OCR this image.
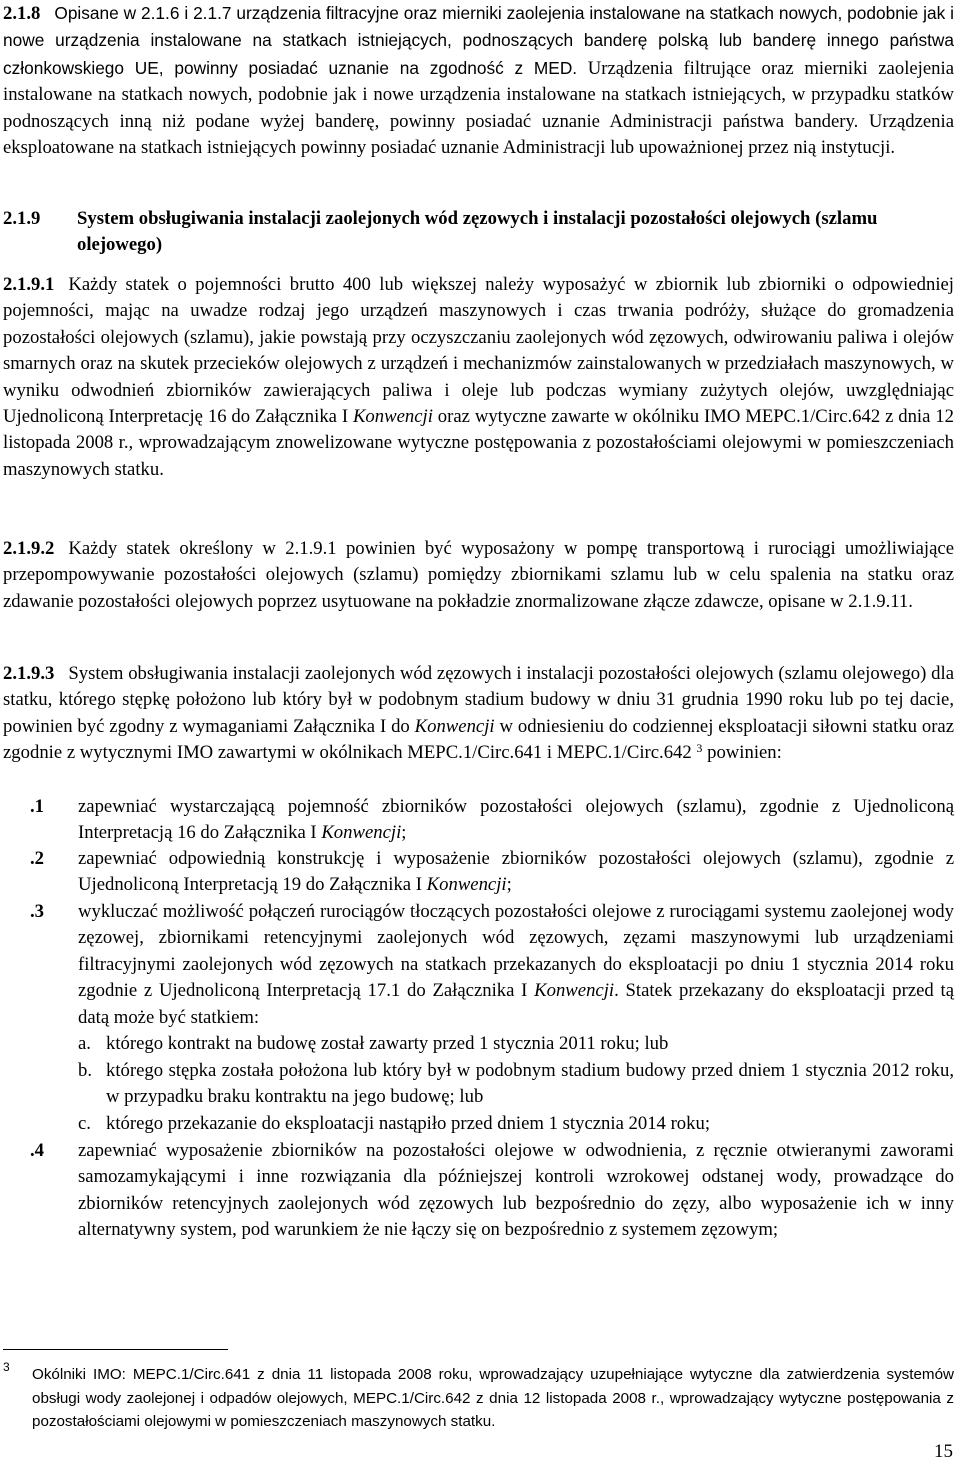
2.1.8 Opisane w 2.1.6 i 2.1.7 urządzenia filtracyjne oraz mierniki zaolejenia instalowane na statkach nowych, podobnie jak i nowe urządzenia instalowane na statkach istniejących, podnoszących banderę polską lub banderę innego państwa członkowskiego UE, powinny posiadać uznanie na zgodność z MED. Urządzenia filtrujące oraz mierniki zaolejenia instalowane na statkach nowych, podobnie jak i nowe urządzenia instalowane na statkach istniejących, w przypadku statków podnoszących inną niż podane wyżej banderę, powinny posiadać uznanie Administracji państwa bandery. Urządzenia eksploatowane na statkach istniejących powinny posiadać uznanie Administracji lub upoważnionej przez nią instytucji.
2.1.9 System obsługiwania instalacji zaolejonych wód zęzowych i instalacji pozostałości olejowych (szlamu olejowego)
2.1.9.1 Każdy statek o pojemności brutto 400 lub większej należy wyposażyć w zbiornik lub zbiorniki o odpowiedniej pojemności, mając na uwadze rodzaj jego urządzeń maszynowych i czas trwania podróży, służące do gromadzenia pozostałości olejowych (szlamu), jakie powstają przy oczyszczaniu zaolejonych wód zęzowych, odwirowaniu paliwa i olejów smarnych oraz na skutek przecieków olejowych z urządzeń i mechanizmów zainstalowanych w przedziałach maszynowych, w wyniku odwodnień zbiorników zawierających paliwa i oleje lub podczas wymiany zużytych olejów, uwzględniając Ujednoliconą Interpretację 16 do Załącznika I Konwencji oraz wytyczne zawarte w okólniku IMO MEPC.1/Circ.642 z dnia 12 listopada 2008 r., wprowadzającym znowelizowane wytyczne postępowania z pozostałościami olejowymi w pomieszczeniach maszynowych statku.
2.1.9.2 Każdy statek określony w 2.1.9.1 powinien być wyposażony w pompę transportową i rurociągi umożliwiające przepompowywanie pozostałości olejowych (szlamu) pomiędzy zbiornikami szlamu lub w celu spalenia na statku oraz zdawanie pozostałości olejowych poprzez usytuowane na pokładzie znormalizowane złącze zdawcze, opisane w 2.1.9.11.
2.1.9.3 System obsługiwania instalacji zaolejonych wód zęzowych i instalacji pozostałości olejowych (szlamu olejowego) dla statku, którego stępkę położono lub który był w podobnym stadium budowy w dniu 31 grudnia 1990 roku lub po tej dacie, powinien być zgodny z wymaganiami Załącznika I do Konwencji w odniesieniu do codziennej eksploatacji siłowni statku oraz zgodnie z wytycznymi IMO zawartymi w okólnikach MEPC.1/Circ.641 i MEPC.1/Circ.642 $^3$ powinien:
.1 zapewniać wystarczającą pojemność zbiorników pozostałości olejowych (szlamu), zgodnie z Ujednoliconą Interpretacją 16 do Załącznika I Konwencji;
.2 zapewniać odpowiednią konstrukcję i wyposażenie zbiorników pozostałości olejowych (szlamu), zgodnie z Ujednoliconą Interpretacją 19 do Załącznika I Konwencji;
.3 wykluczać możliwość połączeń rurociągów tłoczących pozostałości olejowe z rurociągami systemu zaolejonej wody zęzowej, zbiornikami retencyjnymi zaolejonych wód zęzowych, zęzami maszynowymi lub urządzeniami filtracyjnymi zaolejonych wód zęzowych na statkach przekazanych do eksploatacji po dniu 1 stycznia 2014 roku zgodnie z Ujednoliconą Interpretacją 17.1 do Załącznika I Konwencji. Statek przekazany do eksploatacji przed tą datą może być statkiem:
a. którego kontrakt na budowę został zawarty przed 1 stycznia 2011 roku; lub
b. którego stępka została położona lub który był w podobnym stadium budowy przed dniem 1 stycznia 2012 roku, w przypadku braku kontraktu na jego budowę; lub
c. którego przekazanie do eksploatacji nastąpiło przed dniem 1 stycznia 2014 roku;
.4 zapewniać wyposażenie zbiorników na pozostałości olejowe w odwodnienia, z ręcznie otwieranymi zaworami samozamykającymi i inne rozwiązania dla późniejszej kontroli wzrokowej odstanej wody, prowadzące do zbiorników retencyjnych zaolejonych wód zęzowych lub bezpośrednio do zęzy, albo wyposażenie ich w inny alternatywny system, pod warunkiem że nie łączy się on bezpośrednio z systemem zęzowym;
3 Okólniki IMO: MEPC.1/Circ.641 z dnia 11 listopada 2008 roku, wprowadzający uzupełniające wytyczne dla zatwierdzenia systemów obsługi wody zaolejonej i odpadów olejowych, MEPC.1/Circ.642 z dnia 12 listopada 2008 r., wprowadzający wytyczne postępowania z pozostałościami olejowymi w pomieszczeniach maszynowych statku.
15
